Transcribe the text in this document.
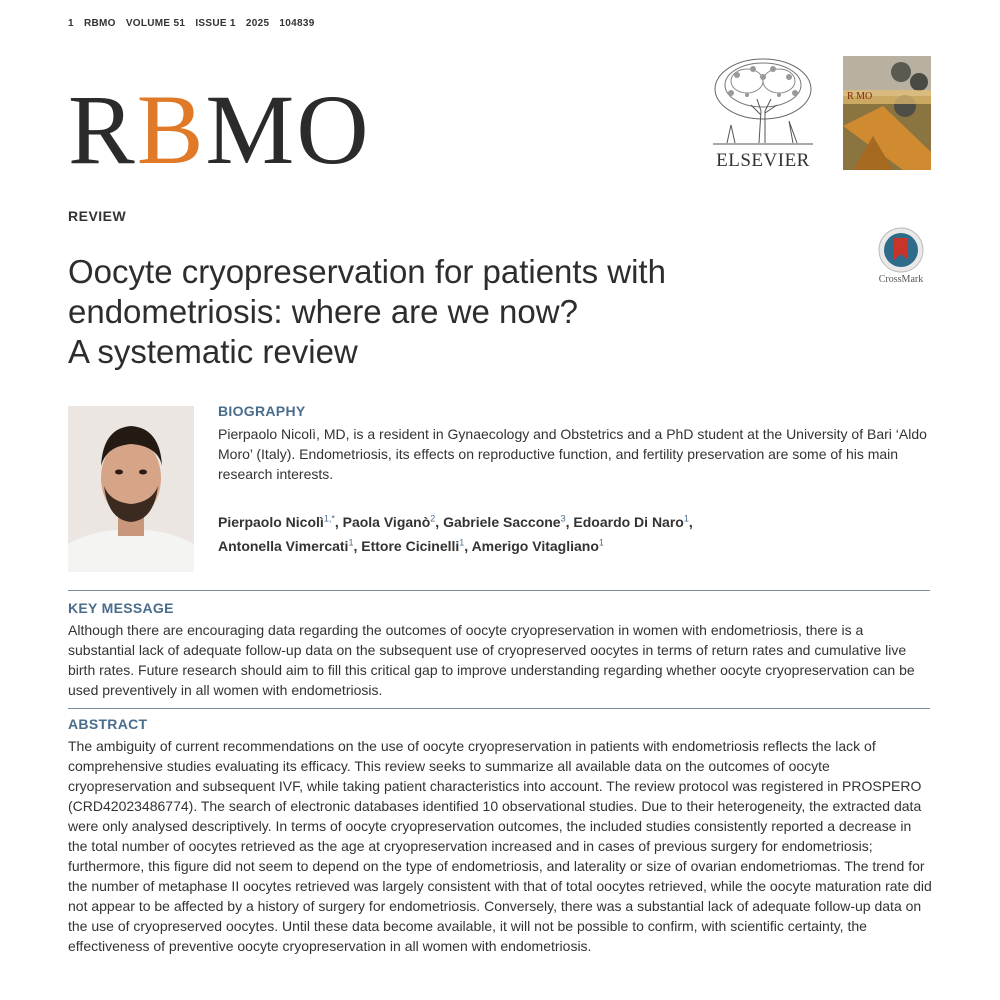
1 RBMO VOLUME 51 ISSUE 1 2025 104839
RBMO	ELSEVIER
R MO
REVIEW
Oocyte cryopreservation for patients with
endometriosis: where are we now?
A systematic review
CrossMark
BIOGRAPHY
Pierpaolo Nicolì, MD, is a resident in Gynaecology and Obstetrics and a PhD student at the University of Bari ‘Aldo Moro’ (Italy). Endometriosis, its effects on reproductive function, and fertility preservation are some of his main research interests.
Pierpaolo Nicolì$^{1,*}$, Paola Viganò$^2$, Gabriele Saccone$^3$, Edoardo Di Naro$^1$,
Antonella Vimercati$^1$, Ettore Cicinelli$^1$, Amerigo Vitagliano$^1$
KEY MESSAGE
Although there are encouraging data regarding the outcomes of oocyte cryopreservation in women with endometriosis, there is a substantial lack of adequate follow-up data on the subsequent use of cryopreserved oocytes in terms of return rates and cumulative live birth rates. Future research should aim to fill this critical gap to improve understanding regarding whether oocyte cryopreservation can be used preventively in all women with endometriosis.
ABSTRACT
The ambiguity of current recommendations on the use of oocyte cryopreservation in patients with endometriosis reflects the lack of comprehensive studies evaluating its efficacy. This review seeks to summarize all available data on the outcomes of oocyte cryopreservation and subsequent IVF, while taking patient characteristics into account. The review protocol was registered in PROSPERO (CRD42023486774). The search of electronic databases identified 10 observational studies. Due to their heterogeneity, the extracted data were only analysed descriptively. In terms of oocyte cryopreservation outcomes, the included studies consistently reported a decrease in the total number of oocytes retrieved as the age at cryopreservation increased and in cases of previous surgery for endometriosis; furthermore, this figure did not seem to depend on the type of endometriosis, and laterality or size of ovarian endometriomas. The trend for the number of metaphase II oocytes retrieved was largely consistent with that of total oocytes retrieved, while the oocyte maturation rate did not appear to be affected by a history of surgery for endometriosis. Conversely, there was a substantial lack of adequate follow-up data on the use of cryopreserved oocytes. Until these data become available, it will not be possible to confirm, with scientific certainty, the effectiveness of preventive oocyte cryopreservation in all women with endometriosis.
